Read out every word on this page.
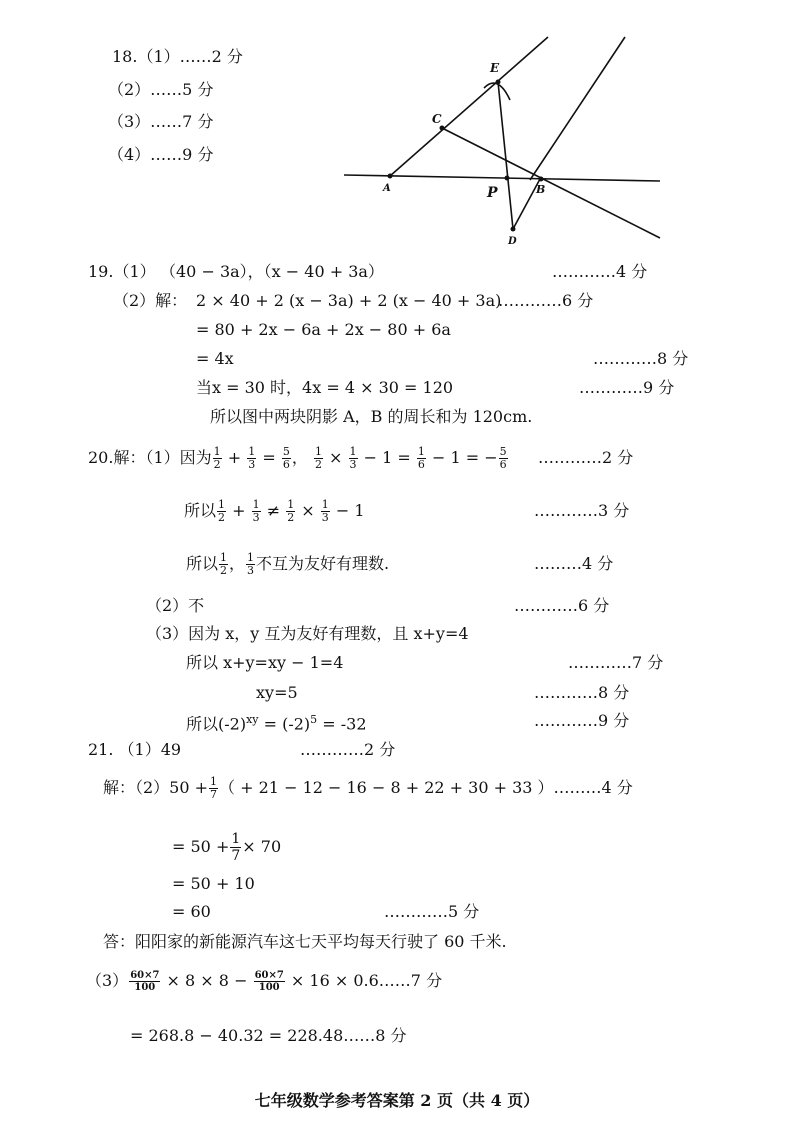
18.（1）……2 分
（2）……5 分
（3）……7 分
（4）……9 分
E
C
A	P	B
D
19.（1） （40 − 3a），（x − 40 + 3a）	…………4 分
（2）解： 2 × 40 + 2 (x − 3a) + 2 (x − 40 + 3a)
…………6 分
= 80 + 2x − 6a + 2x − 80 + 6a
= 4x	…………8 分
当x = 30 时，4x = 4 × 30 = 120	…………9 分
所以图中两块阴影 A，B 的周长和为 120cm.
20.解：（1）因为 $\frac{1}{2} + \frac{1}{3} = \frac{5}{6}$ ， $\frac{1}{2} \times \frac{1}{3} - 1 = \frac{1}{6} - 1$ = − $\frac{5}{6}$ …………2 分
所以 $\frac{1}{2} + \frac{1}{3} \ne \frac{1}{2} \times \frac{1}{3} - 1$	…………3 分
所以 $\frac{1}{2}$ ， $\frac{1}{3}$ 不互为友好有理数.	………4 分
（2）不	…………6 分
（3）因为 x，y 互为友好有理数，且 x+y=4
所以 x+y=xy − 1=4	…………7 分
xy=5	…………8 分
所以$(-2)^{xy} = (-2)^5 = -32$	…………9 分
21. （1）49	…………2 分
解：$(2)50 + \frac{1}{7}$ （ + 21 − 12 − 16 − 8 + 22 + 30 + 33 ）………4 分
= $50 + \frac{1}{7} \times 70$
= 50 + 10
= 60	…………5 分
答：阳阳家的新能源汽车这七天平均每天行驶了 60 千米.
$(3) \frac{60\times 7}{100} \times 8 \times 8 - \frac{60\times 7}{100} \times 16$ × 0.6……7 分
= 268.8 − 40.32 = 228.48……8 分
七年级数学参考答案第 2 页（共 4 页）
